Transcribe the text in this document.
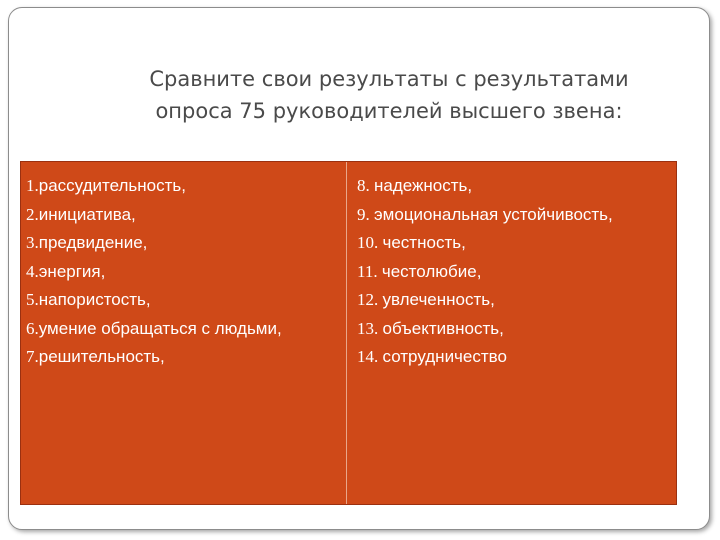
Сравните свои результаты с результатами
опроса 75 руководителей высшего звена:
1.рассудительность,
2.инициатива,
3.предвидение,
4.энергия,
5.напористость,
6.умение обращаться с людьми,
7.решительность,
8. надежность,
9. эмоциональная устойчивость,
10. честность,
11. честолюбие,
12. увлеченность,
13. объективность,
14. сотрудничество
